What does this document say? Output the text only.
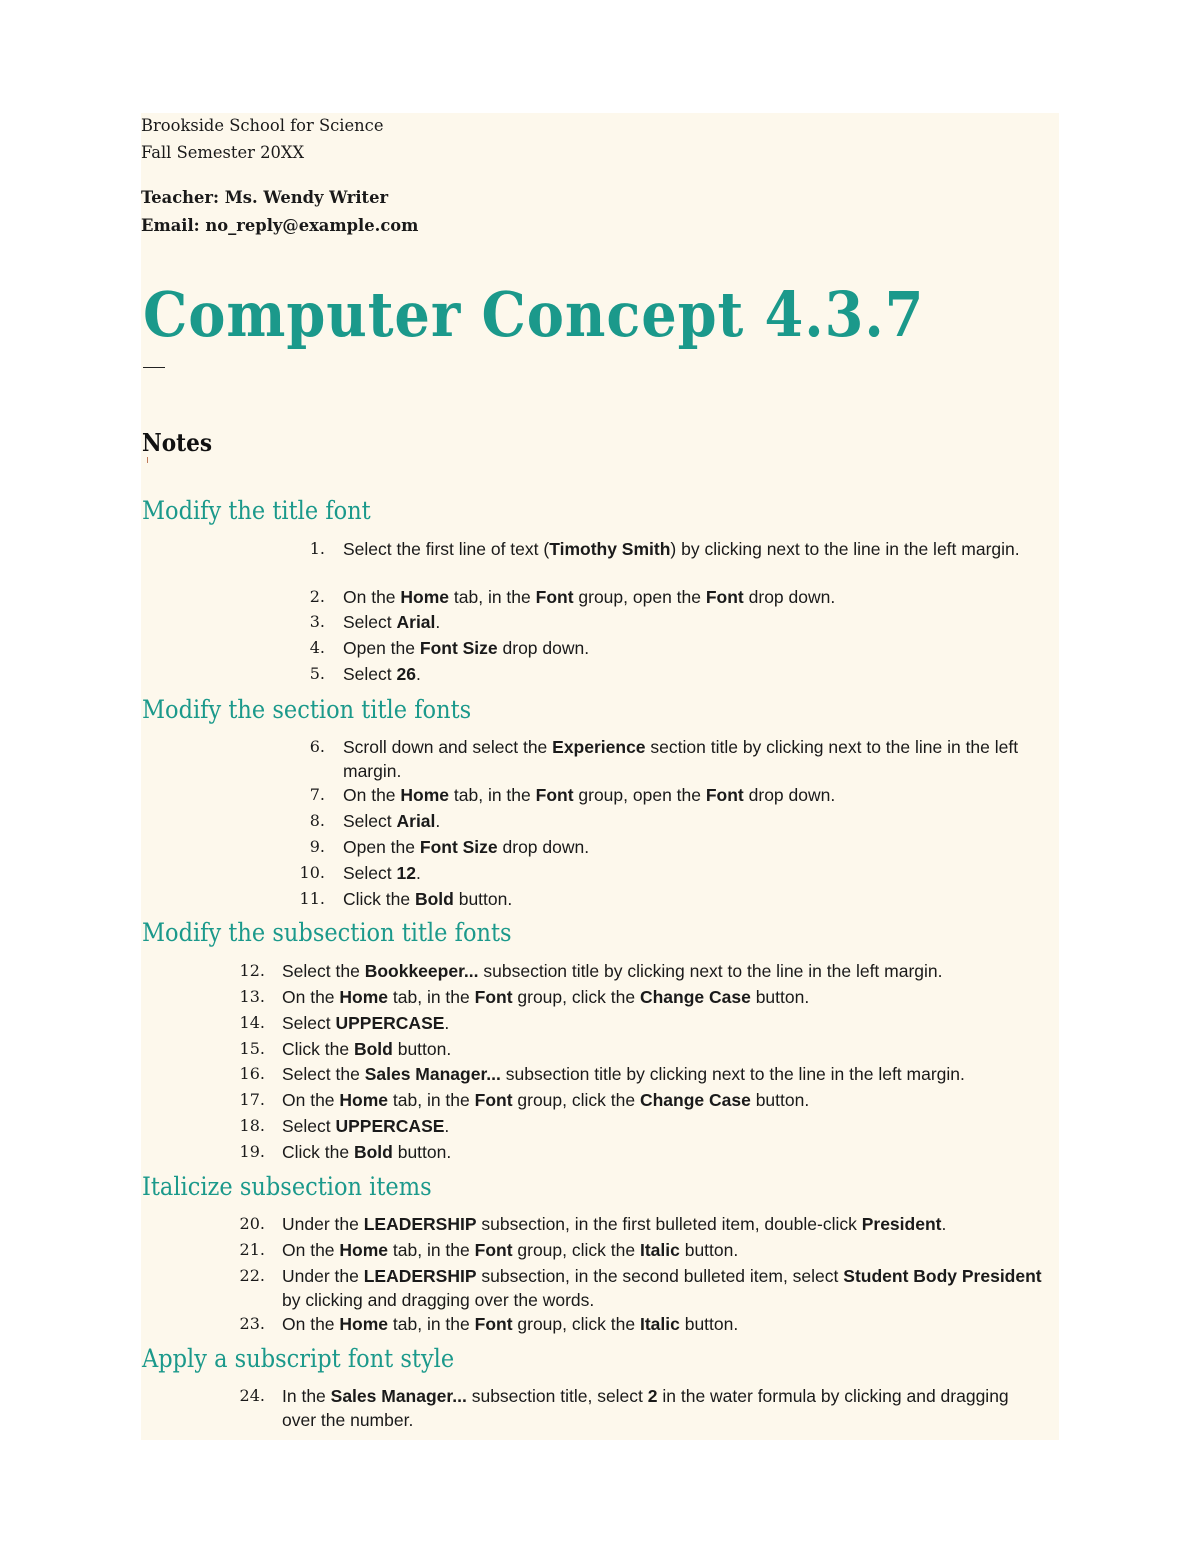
Brookside School for Science
Fall Semester 20XX
Teacher: Ms. Wendy Writer
Email: no_reply@example.com
Computer Concept 4.3.7
Notes
Modify the title font
1. Select the first line of text (Timothy Smith) by clicking next to the line in the left margin.
2. On the Home tab, in the Font group, open the Font drop down.
3. Select Arial.
4. Open the Font Size drop down.
5. Select 26.
Modify the section title fonts
6. Scroll down and select the Experience section title by clicking next to the line in the left margin.
7. On the Home tab, in the Font group, open the Font drop down.
8. Select Arial.
9. Open the Font Size drop down.
10. Select 12.
11. Click the Bold button.
Modify the subsection title fonts
12. Select the Bookkeeper... subsection title by clicking next to the line in the left margin.
13. On the Home tab, in the Font group, click the Change Case button.
14. Select UPPERCASE.
15. Click the Bold button.
16. Select the Sales Manager... subsection title by clicking next to the line in the left margin.
17. On the Home tab, in the Font group, click the Change Case button.
18. Select UPPERCASE.
19. Click the Bold button.
Italicize subsection items
20. Under the LEADERSHIP subsection, in the first bulleted item, double-click President.
21. On the Home tab, in the Font group, click the Italic button.
22. Under the LEADERSHIP subsection, in the second bulleted item, select Student Body President by clicking and dragging over the words.
23. On the Home tab, in the Font group, click the Italic button.
Apply a subscript font style
24. In the Sales Manager... subsection title, select 2 in the water formula by clicking and dragging over the number.
